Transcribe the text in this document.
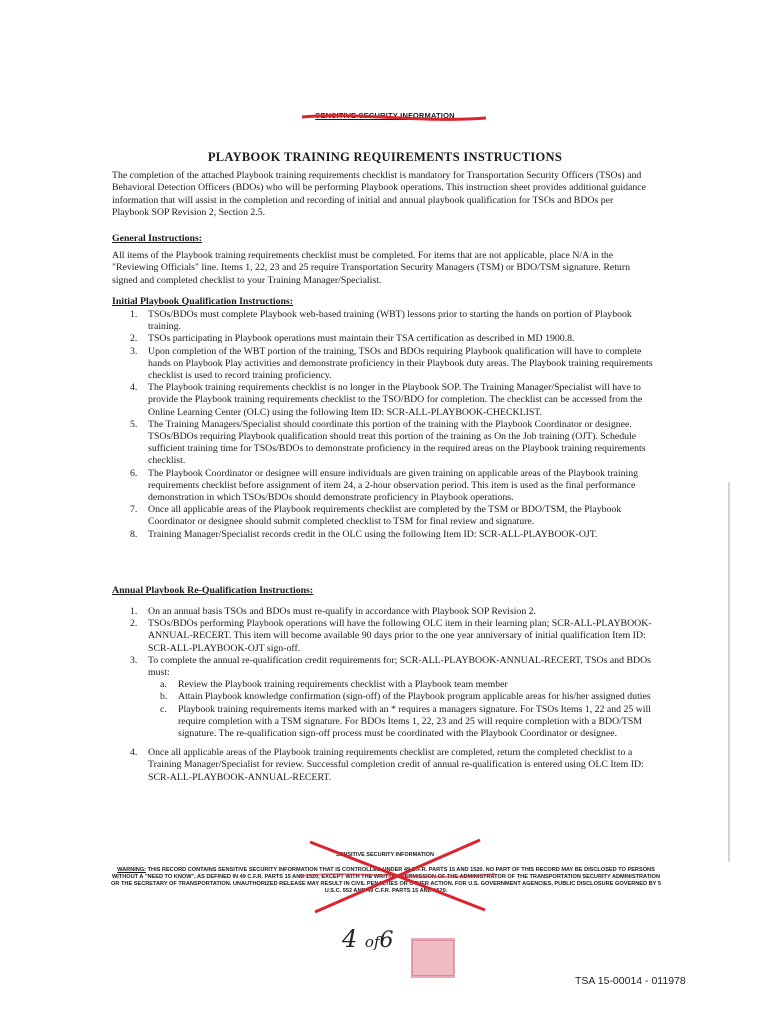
SENSITIVE SECURITY INFORMATION
PLAYBOOK TRAINING REQUIREMENTS INSTRUCTIONS
The completion of the attached Playbook training requirements checklist is mandatory for Transportation Security Officers (TSOs) and Behavioral Detection Officers (BDOs) who will be performing Playbook operations. This instruction sheet provides additional guidance information that will assist in the completion and recording of initial and annual playbook qualification for TSOs and BDOs per Playbook SOP Revision 2, Section 2.5.
General Instructions:
All items of the Playbook training requirements checklist must be completed. For items that are not applicable, place N/A in the "Reviewing Officials" line. Items 1, 22, 23 and 25 require Transportation Security Managers (TSM) or BDO/TSM signature. Return signed and completed checklist to your Training Manager/Specialist.
Initial Playbook Qualification Instructions:
1. TSOs/BDOs must complete Playbook web-based training (WBT) lessons prior to starting the hands on portion of Playbook training.
2. TSOs participating in Playbook operations must maintain their TSA certification as described in MD 1900.8.
3. Upon completion of the WBT portion of the training, TSOs and BDOs requiring Playbook qualification will have to complete hands on Playbook Play activities and demonstrate proficiency in their Playbook duty areas. The Playbook training requirements checklist is used to record training proficiency.
4. The Playbook training requirements checklist is no longer in the Playbook SOP. The Training Manager/Specialist will have to provide the Playbook training requirements checklist to the TSO/BDO for completion. The checklist can be accessed from the Online Learning Center (OLC) using the following Item ID: SCR-ALL-PLAYBOOK-CHECKLIST.
5. The Training Managers/Specialist should coordinate this portion of the training with the Playbook Coordinator or designee. TSOs/BDOs requiring Playbook qualification should treat this portion of the training as On the Job training (OJT). Schedule sufficient training time for TSOs/BDOs to demonstrate proficiency in the required areas on the Playbook training requirements checklist.
6. The Playbook Coordinator or designee will ensure individuals are given training on applicable areas of the Playbook training requirements checklist before assignment of item 24, a 2-hour observation period. This item is used as the final performance demonstration in which TSOs/BDOs should demonstrate proficiency in Playbook operations.
7. Once all applicable areas of the Playbook requirements checklist are completed by the TSM or BDO/TSM, the Playbook Coordinator or designee should submit completed checklist to TSM for final review and signature.
8. Training Manager/Specialist records credit in the OLC using the following Item ID: SCR-ALL-PLAYBOOK-OJT.
Annual Playbook Re-Qualification Instructions:
1. On an annual basis TSOs and BDOs must re-qualify in accordance with Playbook SOP Revision 2.
2. TSOs/BDOs performing Playbook operations will have the following OLC item in their learning plan; SCR-ALL-PLAYBOOK-ANNUAL-RECERT. This item will become available 90 days prior to the one year anniversary of initial qualification Item ID: SCR-ALL-PLAYBOOK-OJT sign-off.
3. To complete the annual re-qualification credit requirements for; SCR-ALL-PLAYBOOK-ANNUAL-RECERT, TSOs and BDOs must:
a. Review the Playbook training requirements checklist with a Playbook team member
b. Attain Playbook knowledge confirmation (sign-off) of the Playbook program applicable areas for his/her assigned duties
c. Playbook training requirements items marked with an * requires a managers signature. For TSOs Items 1, 22 and 25 will require completion with a TSM signature. For BDOs Items 1, 22, 23 and 25 will require completion with a BDO/TSM signature. The re-qualification sign-off process must be coordinated with the Playbook Coordinator or designee.
4. Once all applicable areas of the Playbook training requirements checklist are completed, return the completed checklist to a Training Manager/Specialist for review. Successful completion credit of annual re-qualification is entered using OLC Item ID: SCR-ALL-PLAYBOOK-ANNUAL-RECERT.
SENSITIVE SECURITY INFORMATION
WARNING: THIS RECORD CONTAINS SENSITIVE SECURITY INFORMATION THAT IS CONTROLLED UNDER 49 C.F.R. PARTS 15 AND 1520. NO PART OF THIS RECORD MAY BE DISCLOSED TO PERSONS WITHOUT A "NEED TO KNOW", AS DEFINED IN 49 C.F.R. PARTS 15 AND 1520, EXCEPT WITH THE WRITTEN PERMISSION OF THE ADMINISTRATOR OF THE TRANSPORTATION SECURITY ADMINISTRATION OR THE SECRETARY OF TRANSPORTATION. UNAUTHORIZED RELEASE MAY RESULT IN CIVIL PENALTIES OR OTHER ACTION. FOR U.S. GOVERNMENT AGENCIES, PUBLIC DISCLOSURE GOVERNED BY 5 U.S.C. 552 AND 49 C.F.R. PARTS 15 AND 1520.
4 of6
TSA 15-00014 - 011978
